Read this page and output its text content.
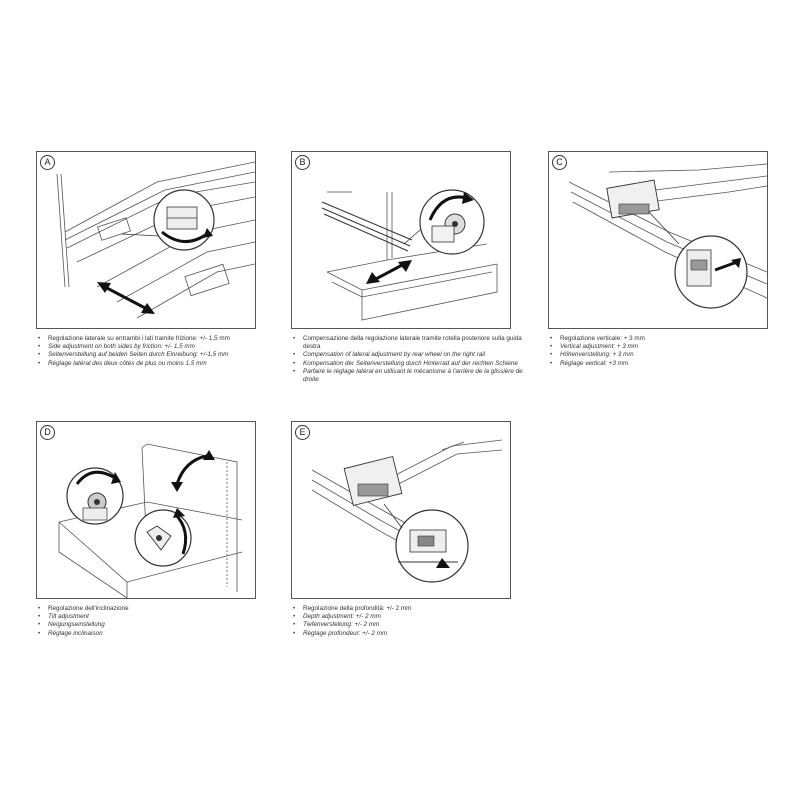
A
• Regolazione laterale su entrambi i lati tramite frizione: +/- 1,5 mm
• Side adjustment on both sides by friction: +/- 1,5 mm
• Seitenverstellung auf beiden Seiten durch Einreibung: +/-1,5 mm
• Réglage latéral des deux côtés de plus ou moins 1.5 mm
B
• Compensazione della regolazione laterale tramite rotella posteriore sulla guida destra
• Compensation of lateral adjustment by rear wheel on the right rail
• Kompensation der Seitenverstellung durch Hinterrad auf der rechten Schiene
• Parfaire le réglage latéral en utilisant le mécanisme à l'arrière de la glissière de droite
C
• Regolazione verticale: + 3 mm
• Vertical adjustment: + 3 mm
• Höhenverstellung: + 3 mm
• Réglage vertical: +3 mm
D
• Regolazione dell'inclinazione
• Tilt adjustment
• Neigungseinstellung
• Réglage inclinaison
E
• Regolazione della profondità: +/- 2 mm
• Depth adjustment: +/- 2 mm
• Tiefenverstellung: +/- 2 mm
• Réglage profondeur: +/- 2 mm
